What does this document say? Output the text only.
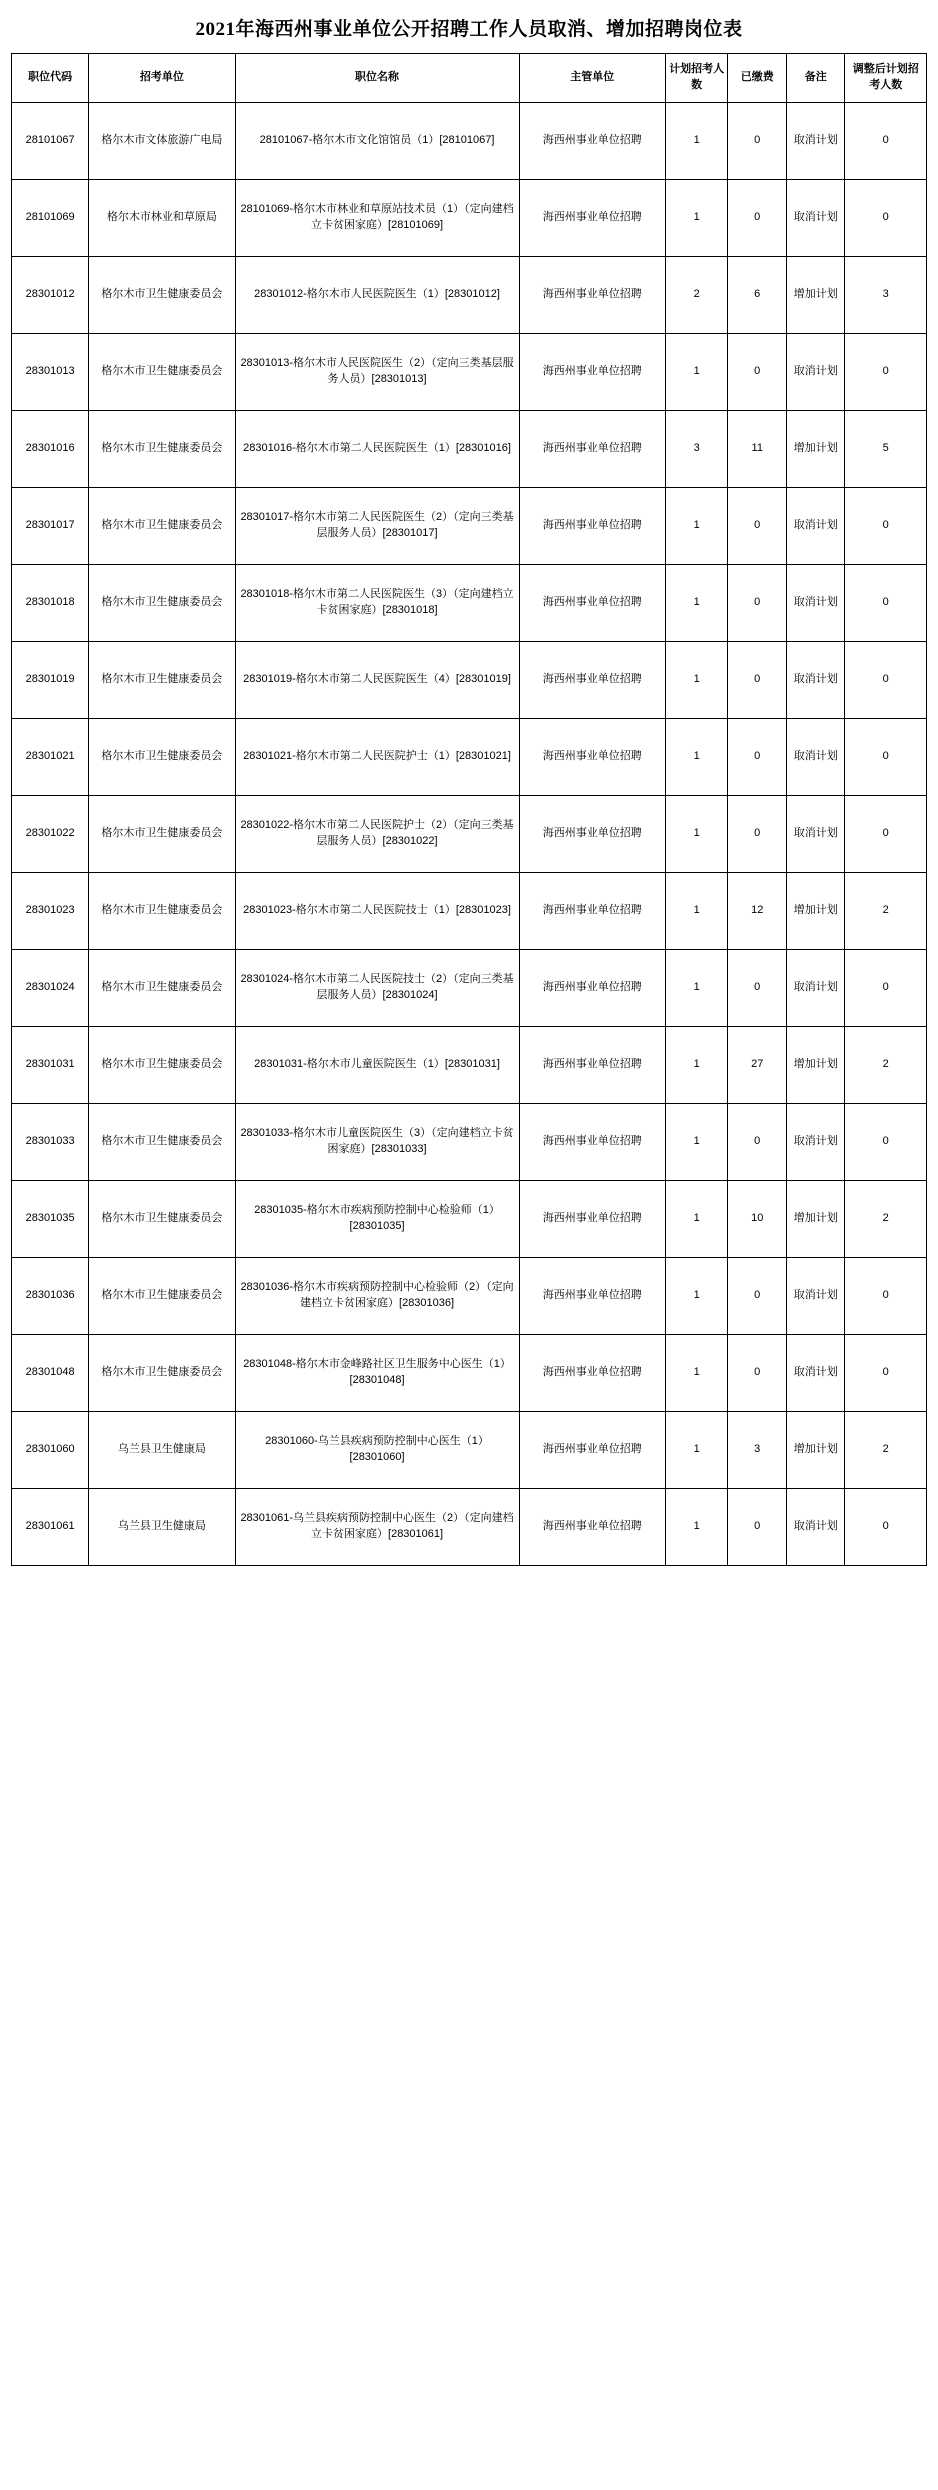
2021年海西州事业单位公开招聘工作人员取消、增加招聘岗位表
职位代码	招考单位	职位名称	主管单位	计划招考人数	已缴费	备注	调整后计划招考人数
28101067	格尔木市文体旅游广电局	28101067-格尔木市文化馆馆员（1）[28101067]	海西州事业单位招聘	1	0	取消计划	0
28101069	格尔木市林业和草原局	28101069-格尔木市林业和草原站技术员（1）（定向建档立卡贫困家庭）[28101069]	海西州事业单位招聘	1	0	取消计划	0
28301012	格尔木市卫生健康委员会	28301012-格尔木市人民医院医生（1）[28301012]	海西州事业单位招聘	2	6	增加计划	3
28301013	格尔木市卫生健康委员会	28301013-格尔木市人民医院医生（2）（定向三类基层服务人员）[28301013]	海西州事业单位招聘	1	0	取消计划	0
28301016	格尔木市卫生健康委员会	28301016-格尔木市第二人民医院医生（1）[28301016]	海西州事业单位招聘	3	11	增加计划	5
28301017	格尔木市卫生健康委员会	28301017-格尔木市第二人民医院医生（2）（定向三类基层服务人员）[28301017]	海西州事业单位招聘	1	0	取消计划	0
28301018	格尔木市卫生健康委员会	28301018-格尔木市第二人民医院医生（3）（定向建档立卡贫困家庭）[28301018]	海西州事业单位招聘	1	0	取消计划	0
28301019	格尔木市卫生健康委员会	28301019-格尔木市第二人民医院医生（4）[28301019]	海西州事业单位招聘	1	0	取消计划	0
28301021	格尔木市卫生健康委员会	28301021-格尔木市第二人民医院护士（1）[28301021]	海西州事业单位招聘	1	0	取消计划	0
28301022	格尔木市卫生健康委员会	28301022-格尔木市第二人民医院护士（2）（定向三类基层服务人员）[28301022]	海西州事业单位招聘	1	0	取消计划	0
28301023	格尔木市卫生健康委员会	28301023-格尔木市第二人民医院技士（1）[28301023]	海西州事业单位招聘	1	12	增加计划	2
28301024	格尔木市卫生健康委员会	28301024-格尔木市第二人民医院技士（2）（定向三类基层服务人员）[28301024]	海西州事业单位招聘	1	0	取消计划	0
28301031	格尔木市卫生健康委员会	28301031-格尔木市儿童医院医生（1）[28301031]	海西州事业单位招聘	1	27	增加计划	2
28301033	格尔木市卫生健康委员会	28301033-格尔木市儿童医院医生（3）（定向建档立卡贫困家庭）[28301033]	海西州事业单位招聘	1	0	取消计划	0
28301035	格尔木市卫生健康委员会	28301035-格尔木市疾病预防控制中心检验师（1）[28301035]	海西州事业单位招聘	1	10	增加计划	2
28301036	格尔木市卫生健康委员会	28301036-格尔木市疾病预防控制中心检验师（2）（定向建档立卡贫困家庭）[28301036]	海西州事业单位招聘	1	0	取消计划	0
28301048	格尔木市卫生健康委员会	28301048-格尔木市金峰路社区卫生服务中心医生（1）[28301048]	海西州事业单位招聘	1	0	取消计划	0
28301060	乌兰县卫生健康局	28301060-乌兰县疾病预防控制中心医生（1）[28301060]	海西州事业单位招聘	1	3	增加计划	2
28301061	乌兰县卫生健康局	28301061-乌兰县疾病预防控制中心医生（2）（定向建档立卡贫困家庭）[28301061]	海西州事业单位招聘	1	0	取消计划	0
